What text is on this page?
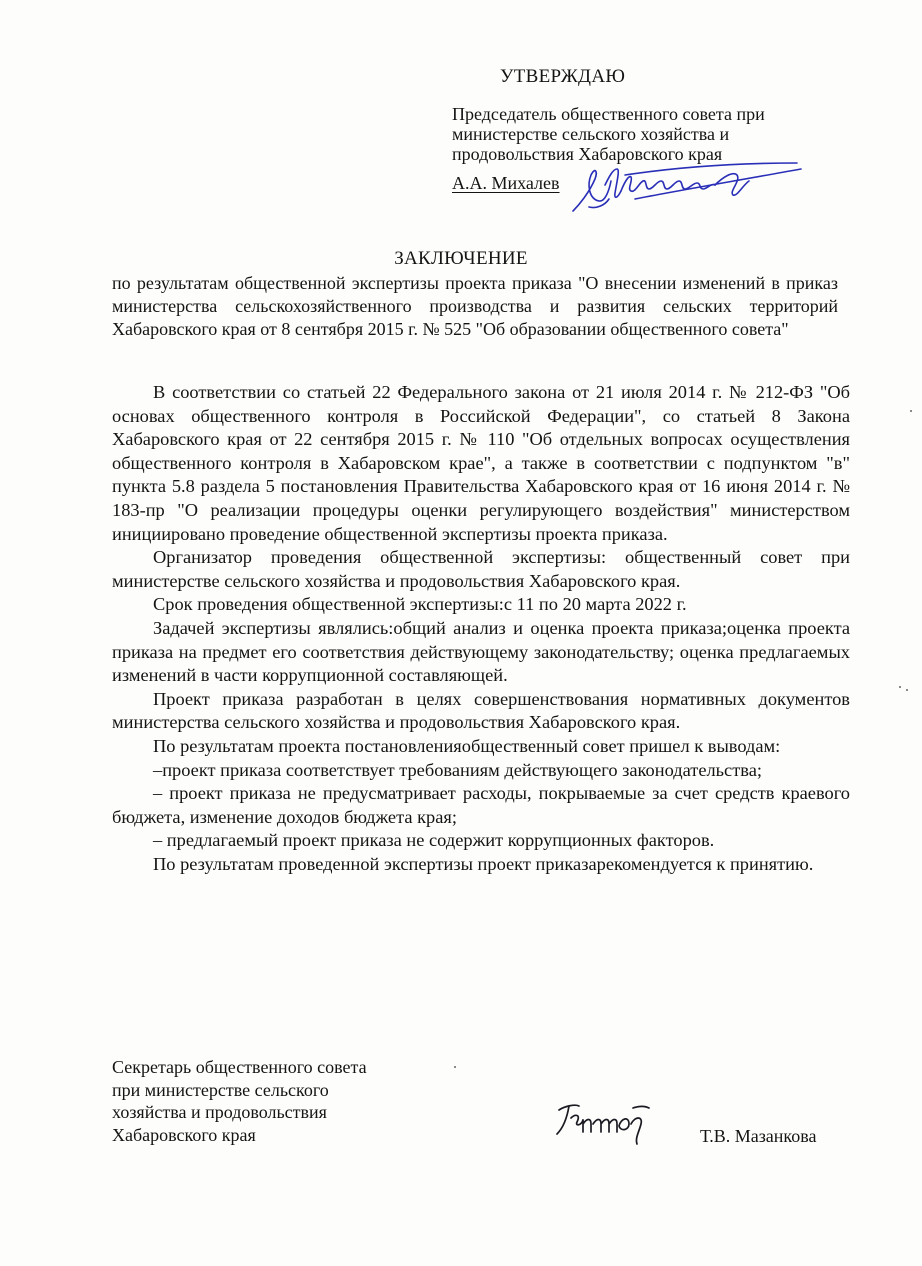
УТВЕРЖДАЮ
Председатель общественного совета при
министерстве сельского хозяйства и
продовольствия Хабаровского края
А.А. Михалев
ЗАКЛЮЧЕНИЕ
по результатам общественной экспертизы проекта приказа "О внесении изменений в приказ министерства сельскохозяйственного производства и развития сельских территорий Хабаровского края от 8 сентября 2015 г. № 525 "Об образовании общественного совета"

В соответствии со статьей 22 Федерального закона от 21 июля 2014 г. № 212-ФЗ "Об основах общественного контроля в Российской Федерации", со статьей 8 Закона Хабаровского края от 22 сентября 2015 г. № 110 "Об отдельных вопросах осуществления общественного контроля в Хабаровском крае", а также в соответствии с подпунктом "в" пункта 5.8 раздела 5 постановления Правительства Хабаровского края от 16 июня 2014 г. № 183-пр "О реализации процедуры оценки регулирующего воздействия" министерством инициировано проведение общественной экспертизы проекта приказа.

Организатор проведения общественной экспертизы: общественный совет при министерстве сельского хозяйства и продовольствия Хабаровского края.

Срок проведения общественной экспертизы:с 11 по 20 марта 2022 г.

Задачей экспертизы являлись:общий анализ и оценка проекта приказа;оценка проекта приказа на предмет его соответствия действующему законодательству; оценка предлагаемых изменений в части коррупционной составляющей.

Проект приказа разработан в целях совершенствования нормативных документов министерства сельского хозяйства и продовольствия Хабаровского края.

По результатам проекта постановленияобщественный совет пришел к выводам:

–проект приказа соответствует требованиям действующего законодательства;

– проект приказа не предусматривает расходы, покрываемые за счет средств краевого бюджета, изменение доходов бюджета края;

– предлагаемый проект приказа не содержит коррупционных факторов.

По результатам проведенной экспертизы проект приказарекомендуется к принятию.

Секретарь общественного совета
при министерстве сельского
хозяйства и продовольствия
Хабаровского края	Т.В. Мазанкова
